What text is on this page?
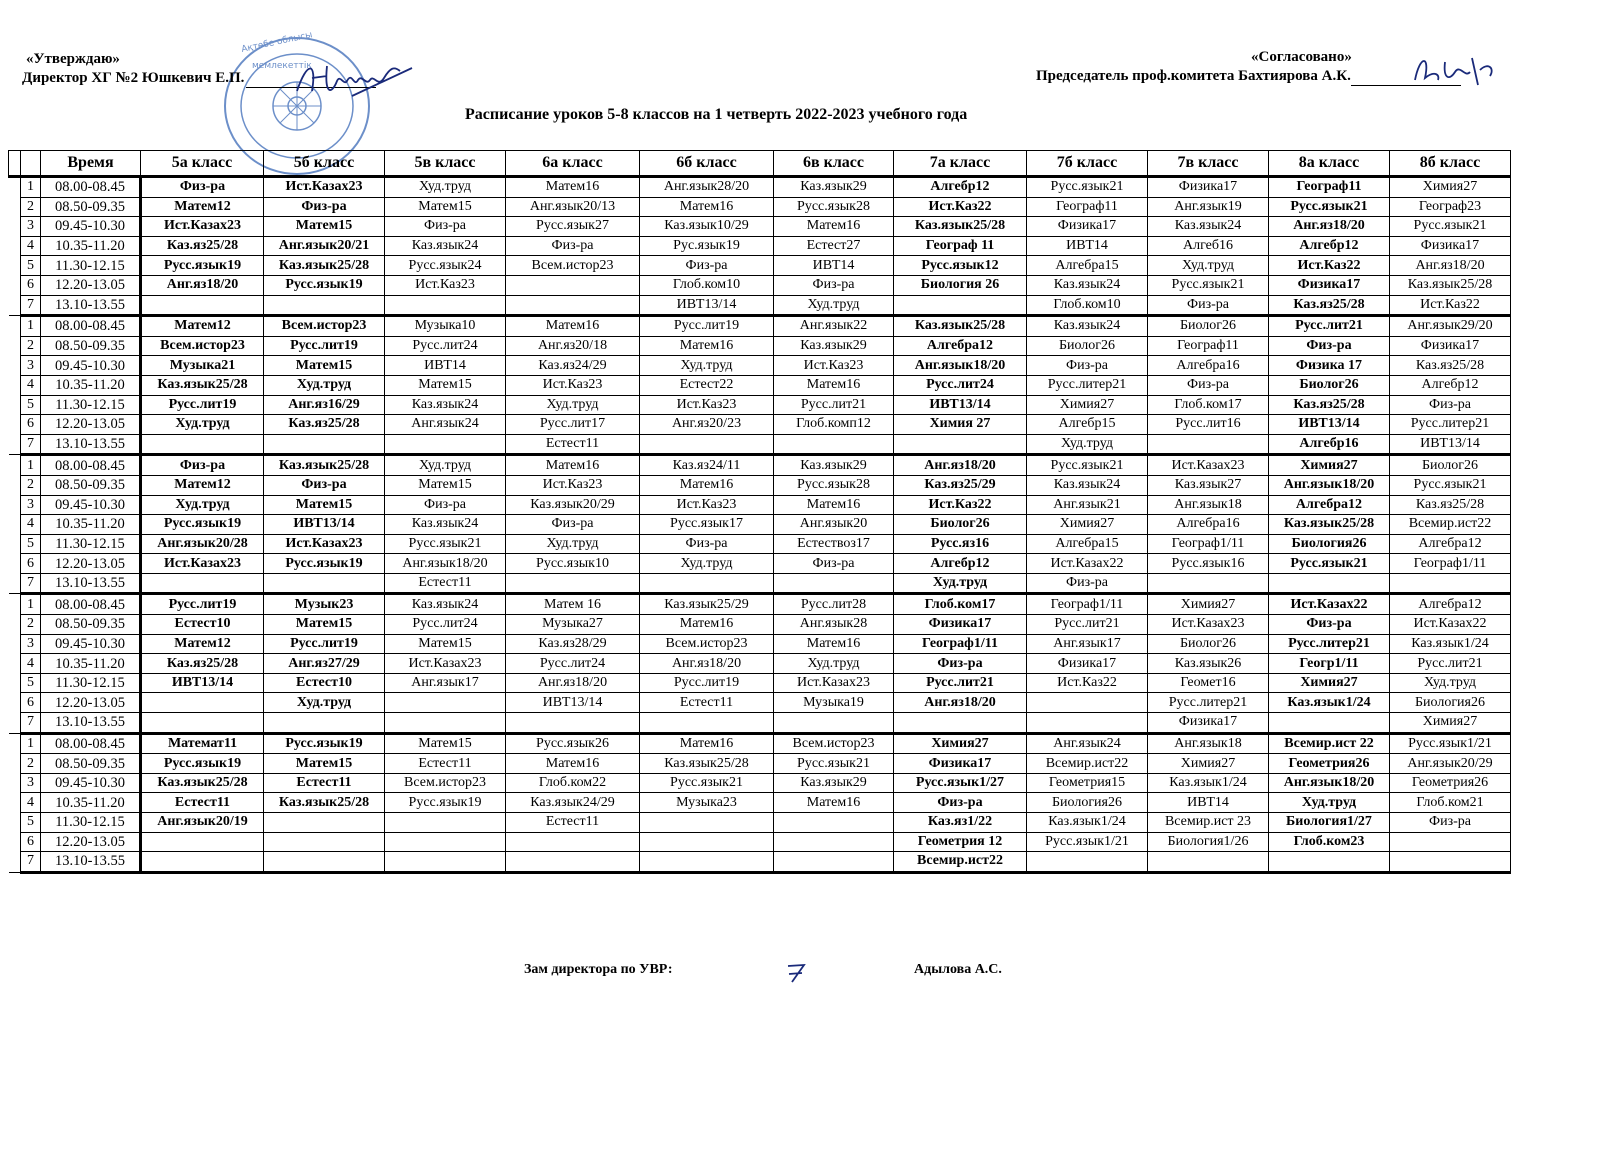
Ақтөбе облысы
мемлекеттік
«Утверждаю»
Директор ХГ №2 Юшкевич Е.П.
«Согласовано»
Председатель проф.комитета Бахтиярова А.К.
Расписание уроков 5-8 классов на 1 четверть 2022-2023 учебного года
		Время	5а класс	5б класс	5в класс	6а класс	6б класс	6в класс	7а класс	7б класс	7в класс	8а класс	8б класс
	1	08.00-08.45	Физ-ра	Ист.Казах23	Худ.труд	Матем16	Анг.язык28/20	Каз.язык29	Алгебр12	Русс.язык21	Физика17	Географ11	Химия27
	2	08.50-09.35	Матем12	Физ-ра	Матем15	Анг.язык20/13	Матем16	Русс.язык28	Ист.Каз22	Географ11	Анг.язык19	Русс.язык21	Географ23
	3	09.45-10.30	Ист.Казах23	Матем15	Физ-ра	Русс.язык27	Каз.язык10/29	Матем16	Каз.язык25/28	Физика17	Каз.язык24	Анг.яз18/20	Русс.язык21
	4	10.35-11.20	Каз.яз25/28	Анг.язык20/21	Каз.язык24	Физ-ра	Рус.язык19	Естест27	Географ 11	ИВТ14	Алгеб16	Алгебр12	Физика17
	5	11.30-12.15	Русс.язык19	Каз.язык25/28	Русс.язык24	Всем.истор23	Физ-ра	ИВТ14	Русс.язык12	Алгебра15	Худ.труд	Ист.Каз22	Анг.яз18/20
	6	12.20-13.05	Анг.яз18/20	Русс.язык19	Ист.Каз23		Глоб.ком10	Физ-ра	Биология 26	Каз.язык24	Русс.язык21	Физика17	Каз.язык25/28
	7	13.10-13.55					ИВТ13/14	Худ.труд		Глоб.ком10	Физ-ра	Каз.яз25/28	Ист.Каз22
	1	08.00-08.45	Матем12	Всем.истор23	Музыка10	Матем16	Русс.лит19	Анг.язык22	Каз.язык25/28	Каз.язык24	Биолог26	Русс.лит21	Анг.язык29/20
	2	08.50-09.35	Всем.истор23	Русс.лит19	Русс.лит24	Анг.яз20/18	Матем16	Каз.язык29	Алгебра12	Биолог26	Географ11	Физ-ра	Физика17
	3	09.45-10.30	Музыка21	Матем15	ИВТ14	Каз.яз24/29	Худ.труд	Ист.Каз23	Анг.язык18/20	Физ-ра	Алгебра16	Физика 17	Каз.яз25/28
	4	10.35-11.20	Каз.язык25/28	Худ.труд	Матем15	Ист.Каз23	Естест22	Матем16	Русс.лит24	Русс.литер21	Физ-ра	Биолог26	Алгебр12
	5	11.30-12.15	Русс.лит19	Анг.яз16/29	Каз.язык24	Худ.труд	Ист.Каз23	Русс.лит21	ИВТ13/14	Химия27	Глоб.ком17	Каз.яз25/28	Физ-ра
	6	12.20-13.05	Худ.труд	Каз.яз25/28	Анг.язык24	Русс.лит17	Анг.яз20/23	Глоб.комп12	Химия 27	Алгебр15	Русс.лит16	ИВТ13/14	Русс.литер21
	7	13.10-13.55				Естест11				Худ.труд		Алгебр16	ИВТ13/14
Среда	1	08.00-08.45	Физ-ра	Каз.язык25/28	Худ.труд	Матем16	Каз.яз24/11	Каз.язык29	Анг.яз18/20	Русс.язык21	Ист.Казах23	Химия27	Биолог26
	2	08.50-09.35	Матем12	Физ-ра	Матем15	Ист.Каз23	Матем16	Русс.язык28	Каз.яз25/29	Каз.язык24	Каз.язык27	Анг.язык18/20	Русс.язык21
	3	09.45-10.30	Худ.труд	Матем15	Физ-ра	Каз.язык20/29	Ист.Каз23	Матем16	Ист.Каз22	Анг.язык21	Анг.язык18	Алгебра12	Каз.яз25/28
	4	10.35-11.20	Русс.язык19	ИВТ13/14	Каз.язык24	Физ-ра	Русс.язык17	Анг.язык20	Биолог26	Химия27	Алгебра16	Каз.язык25/28	Всемир.ист22
	5	11.30-12.15	Анг.язык20/28	Ист.Казах23	Русс.язык21	Худ.труд	Физ-ра	Естествоз17	Русс.яз16	Алгебра15	Географ1/11	Биология26	Алгебра12
	6	12.20-13.05	Ист.Казах23	Русс.язык19	Анг.язык18/20	Русс.язык10	Худ.труд	Физ-ра	Алгебр12	Ист.Казах22	Русс.язык16	Русс.язык21	Географ1/11
	7	13.10-13.55			Естест11				Худ.труд	Физ-ра			
	1	08.00-08.45	Русс.лит19	Музык23	Каз.язык24	Матем 16	Каз.язык25/29	Русс.лит28	Глоб.ком17	Географ1/11	Химия27	Ист.Казах22	Алгебра12
	2	08.50-09.35	Естест10	Матем15	Русс.лит24	Музыка27	Матем16	Анг.язык28	Физика17	Русс.лит21	Ист.Казах23	Физ-ра	Ист.Казах22
	3	09.45-10.30	Матем12	Русс.лит19	Матем15	Каз.яз28/29	Всем.истор23	Матем16	Географ1/11	Анг.язык17	Биолог26	Русс.литер21	Каз.язык1/24
	4	10.35-11.20	Каз.яз25/28	Анг.яз27/29	Ист.Казах23	Русс.лит24	Анг.яз18/20	Худ.труд	Физ-ра	Физика17	Каз.язык26	Геогр1/11	Русс.лит21
	5	11.30-12.15	ИВТ13/14	Естест10	Анг.язык17	Анг.яз18/20	Русс.лит19	Ист.Казах23	Русс.лит21	Ист.Каз22	Геомет16	Химия27	Худ.труд
	6	12.20-13.05		Худ.труд		ИВТ13/14	Естест11	Музыка19	Анг.яз18/20		Русс.литер21	Каз.язык1/24	Биология26
	7	13.10-13.55									Физика17		Химия27
	1	08.00-08.45	Математ11	Русс.язык19	Матем15	Русс.язык26	Матем16	Всем.истор23	Химия27	Анг.язык24	Анг.язык18	Всемир.ист 22	Русс.язык1/21
	2	08.50-09.35	Русс.язык19	Матем15	Естест11	Матем16	Каз.язык25/28	Русс.язык21	Физика17	Всемир.ист22	Химия27	Геометрия26	Анг.язык20/29
	3	09.45-10.30	Каз.язык25/28	Естест11	Всем.истор23	Глоб.ком22	Русс.язык21	Каз.язык29	Русс.язык1/27	Геометрия15	Каз.язык1/24	Анг.язык18/20	Геометрия26
	4	10.35-11.20	Естест11	Каз.язык25/28	Русс.язык19	Каз.язык24/29	Музыка23	Матем16	Физ-ра	Биология26	ИВТ14	Худ.труд	Глоб.ком21
	5	11.30-12.15	Анг.язык20/19			Естест11			Каз.яз1/22	Каз.язык1/24	Всемир.ист 23	Биология1/27	Физ-ра
	6	12.20-13.05							Геометрия 12	Русс.язык1/21	Биология1/26	Глоб.ком23	
	7	13.10-13.55							Всемир.ист22				
Зам директора по УВР:	Адылова А.С.
